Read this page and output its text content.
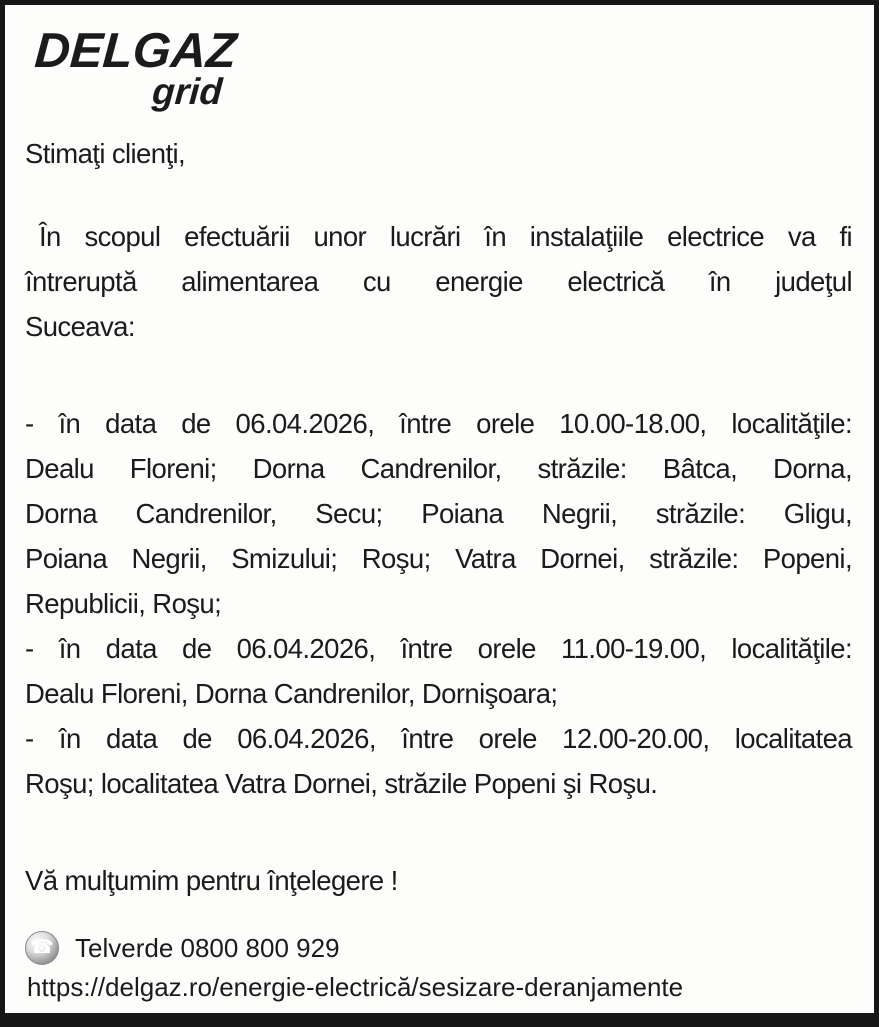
DELGAZ
grid
Stimaţi clienţi,
În scopul efectuării unor lucrări în instalaţiile electrice va fi
întreruptă alimentarea cu energie electrică în judeţul
Suceava:
- în data de 06.04.2026, între orele 10.00-18.00, localităţile:
Dealu Floreni; Dorna Candrenilor, străzile: Bâtca, Dorna,
Dorna Candrenilor, Secu; Poiana Negrii, străzile: Gligu,
Poiana Negrii, Smizului; Roşu; Vatra Dornei, străzile: Popeni,
Republicii, Roşu;
- în data de 06.04.2026, între orele 11.00-19.00, localităţile:
Dealu Floreni, Dorna Candrenilor, Dornişoara;
- în data de 06.04.2026, între orele 12.00-20.00, localitatea
Roşu; localitatea Vatra Dornei, străzile Popeni şi Roşu.
Vă mulţumim pentru înţelegere !
☎ Telverde 0800 800 929
https://delgaz.ro/energie-electrică/sesizare-deranjamente
